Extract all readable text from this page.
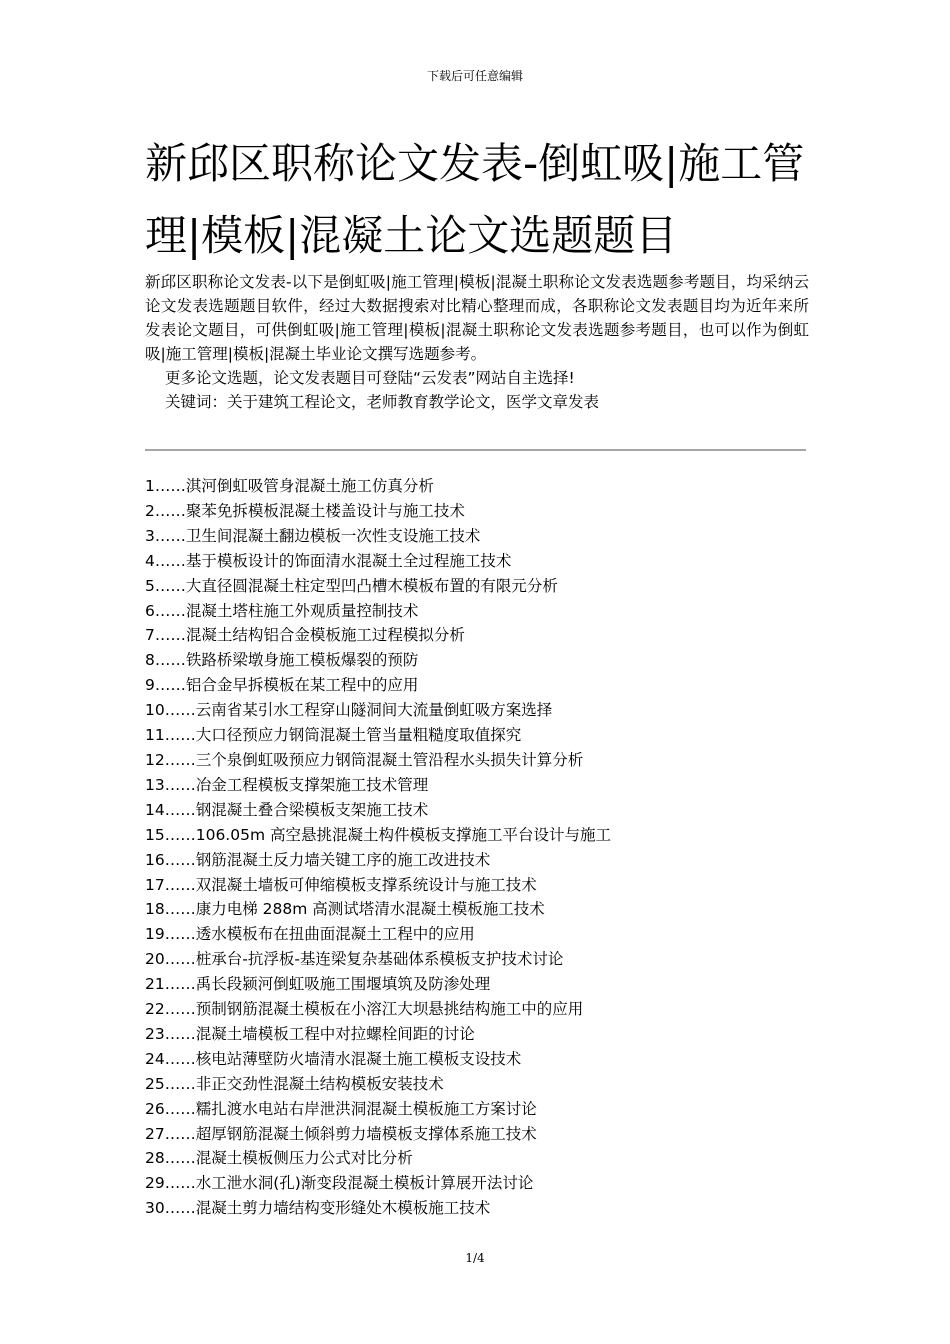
下载后可任意编辑
新邱区职称论文发表-倒虹吸|施工管理|模板|混凝土论文选题题目

新邱区职称论文发表-以下是倒虹吸|施工管理|模板|混凝土职称论文发表选题参考题目，均采纳云论文发表选题题目软件，经过大数据搜索对比精心整理而成，各职称论文发表题目均为近年来所发表论文题目，可供倒虹吸|施工管理|模板|混凝土职称论文发表选题参考题目，也可以作为倒虹吸|施工管理|模板|混凝土毕业论文撰写选题参考。

更多论文选题，论文发表题目可登陆“云发表”网站自主选择!

关键词：关于建筑工程论文，老师教育教学论文，医学文章发表

1……淇河倒虹吸管身混凝土施工仿真分析
2……聚苯免拆模板混凝土楼盖设计与施工技术
3……卫生间混凝土翻边模板一次性支设施工技术
4……基于模板设计的饰面清水混凝土全过程施工技术
5……大直径圆混凝土柱定型凹凸槽木模板布置的有限元分析
6……混凝土塔柱施工外观质量控制技术
7……混凝土结构铝合金模板施工过程模拟分析
8……铁路桥梁墩身施工模板爆裂的预防
9……铝合金早拆模板在某工程中的应用
10……云南省某引水工程穿山隧洞间大流量倒虹吸方案选择
11……大口径预应力钢筒混凝土管当量粗糙度取值探究
12……三个泉倒虹吸预应力钢筒混凝土管沿程水头损失计算分析
13……冶金工程模板支撑架施工技术管理
14……钢混凝土叠合梁模板支架施工技术
15……106.05m 高空悬挑混凝土构件模板支撑施工平台设计与施工
16……钢筋混凝土反力墙关键工序的施工改进技术
17……双混凝土墙板可伸缩模板支撑系统设计与施工技术
18……康力电梯 288m 高测试塔清水混凝土模板施工技术
19……透水模板布在扭曲面混凝土工程中的应用
20……桩承台-抗浮板-基连梁复杂基础体系模板支护技术讨论
21……禹长段颍河倒虹吸施工围堰填筑及防渗处理
22……预制钢筋混凝土模板在小溶江大坝悬挑结构施工中的应用
23……混凝土墙模板工程中对拉螺栓间距的讨论
24……核电站薄壁防火墙清水混凝土施工模板支设技术
25……非正交劲性混凝土结构模板安装技术
26……糯扎渡水电站右岸泄洪洞混凝土模板施工方案讨论
27……超厚钢筋混凝土倾斜剪力墙模板支撑体系施工技术
28……混凝土模板侧压力公式对比分析
29……水工泄水洞(孔)渐变段混凝土模板计算展开法讨论
30……混凝土剪力墙结构变形缝处木模板施工技术
1/4
